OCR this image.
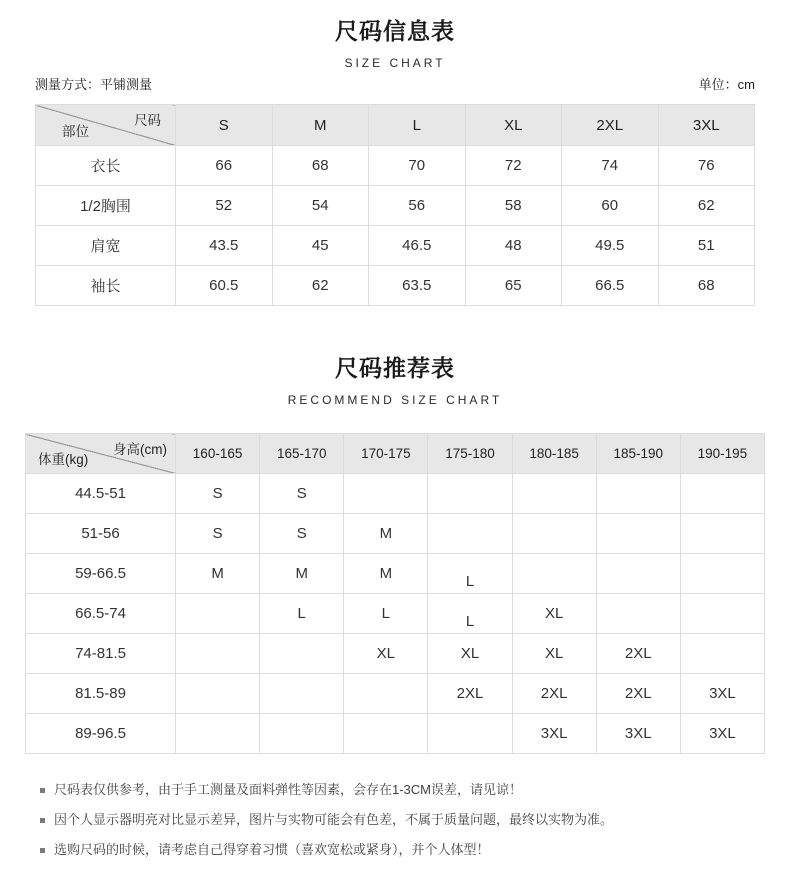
尺码信息表
SIZE CHART
测量方式：平铺测量	单位：cm
尺码
部位	S	M	L	XL	2XL	3XL
衣长	66	68	70	72	74	76
1/2胸围	52	54	56	58	60	62
肩宽	43.5	45	46.5	48	49.5	51
袖长	60.5	62	63.5	65	66.5	68
尺码推荐表
RECOMMEND SIZE CHART
身高(cm)
体重(kg)	160-165	165-170	170-175	175-180	180-185	185-190	190-195
44.5-51	S	S					
51-56	S	S	M				
59-66.5	M	M	M	L			
66.5-74		L	L	L	XL		
74-81.5			XL	XL	XL	2XL	
81.5-89				2XL	2XL	2XL	3XL
89-96.5					3XL	3XL	3XL
尺码表仅供参考，由于手工测量及面料弹性等因素，会存在1-3CM误差，请见谅！
因个人显示器明亮对比显示差异，图片与实物可能会有色差，不属于质量问题，最终以实物为准。
选购尺码的时候，请考虑自己得穿着习惯（喜欢宽松或紧身），并个人体型！
